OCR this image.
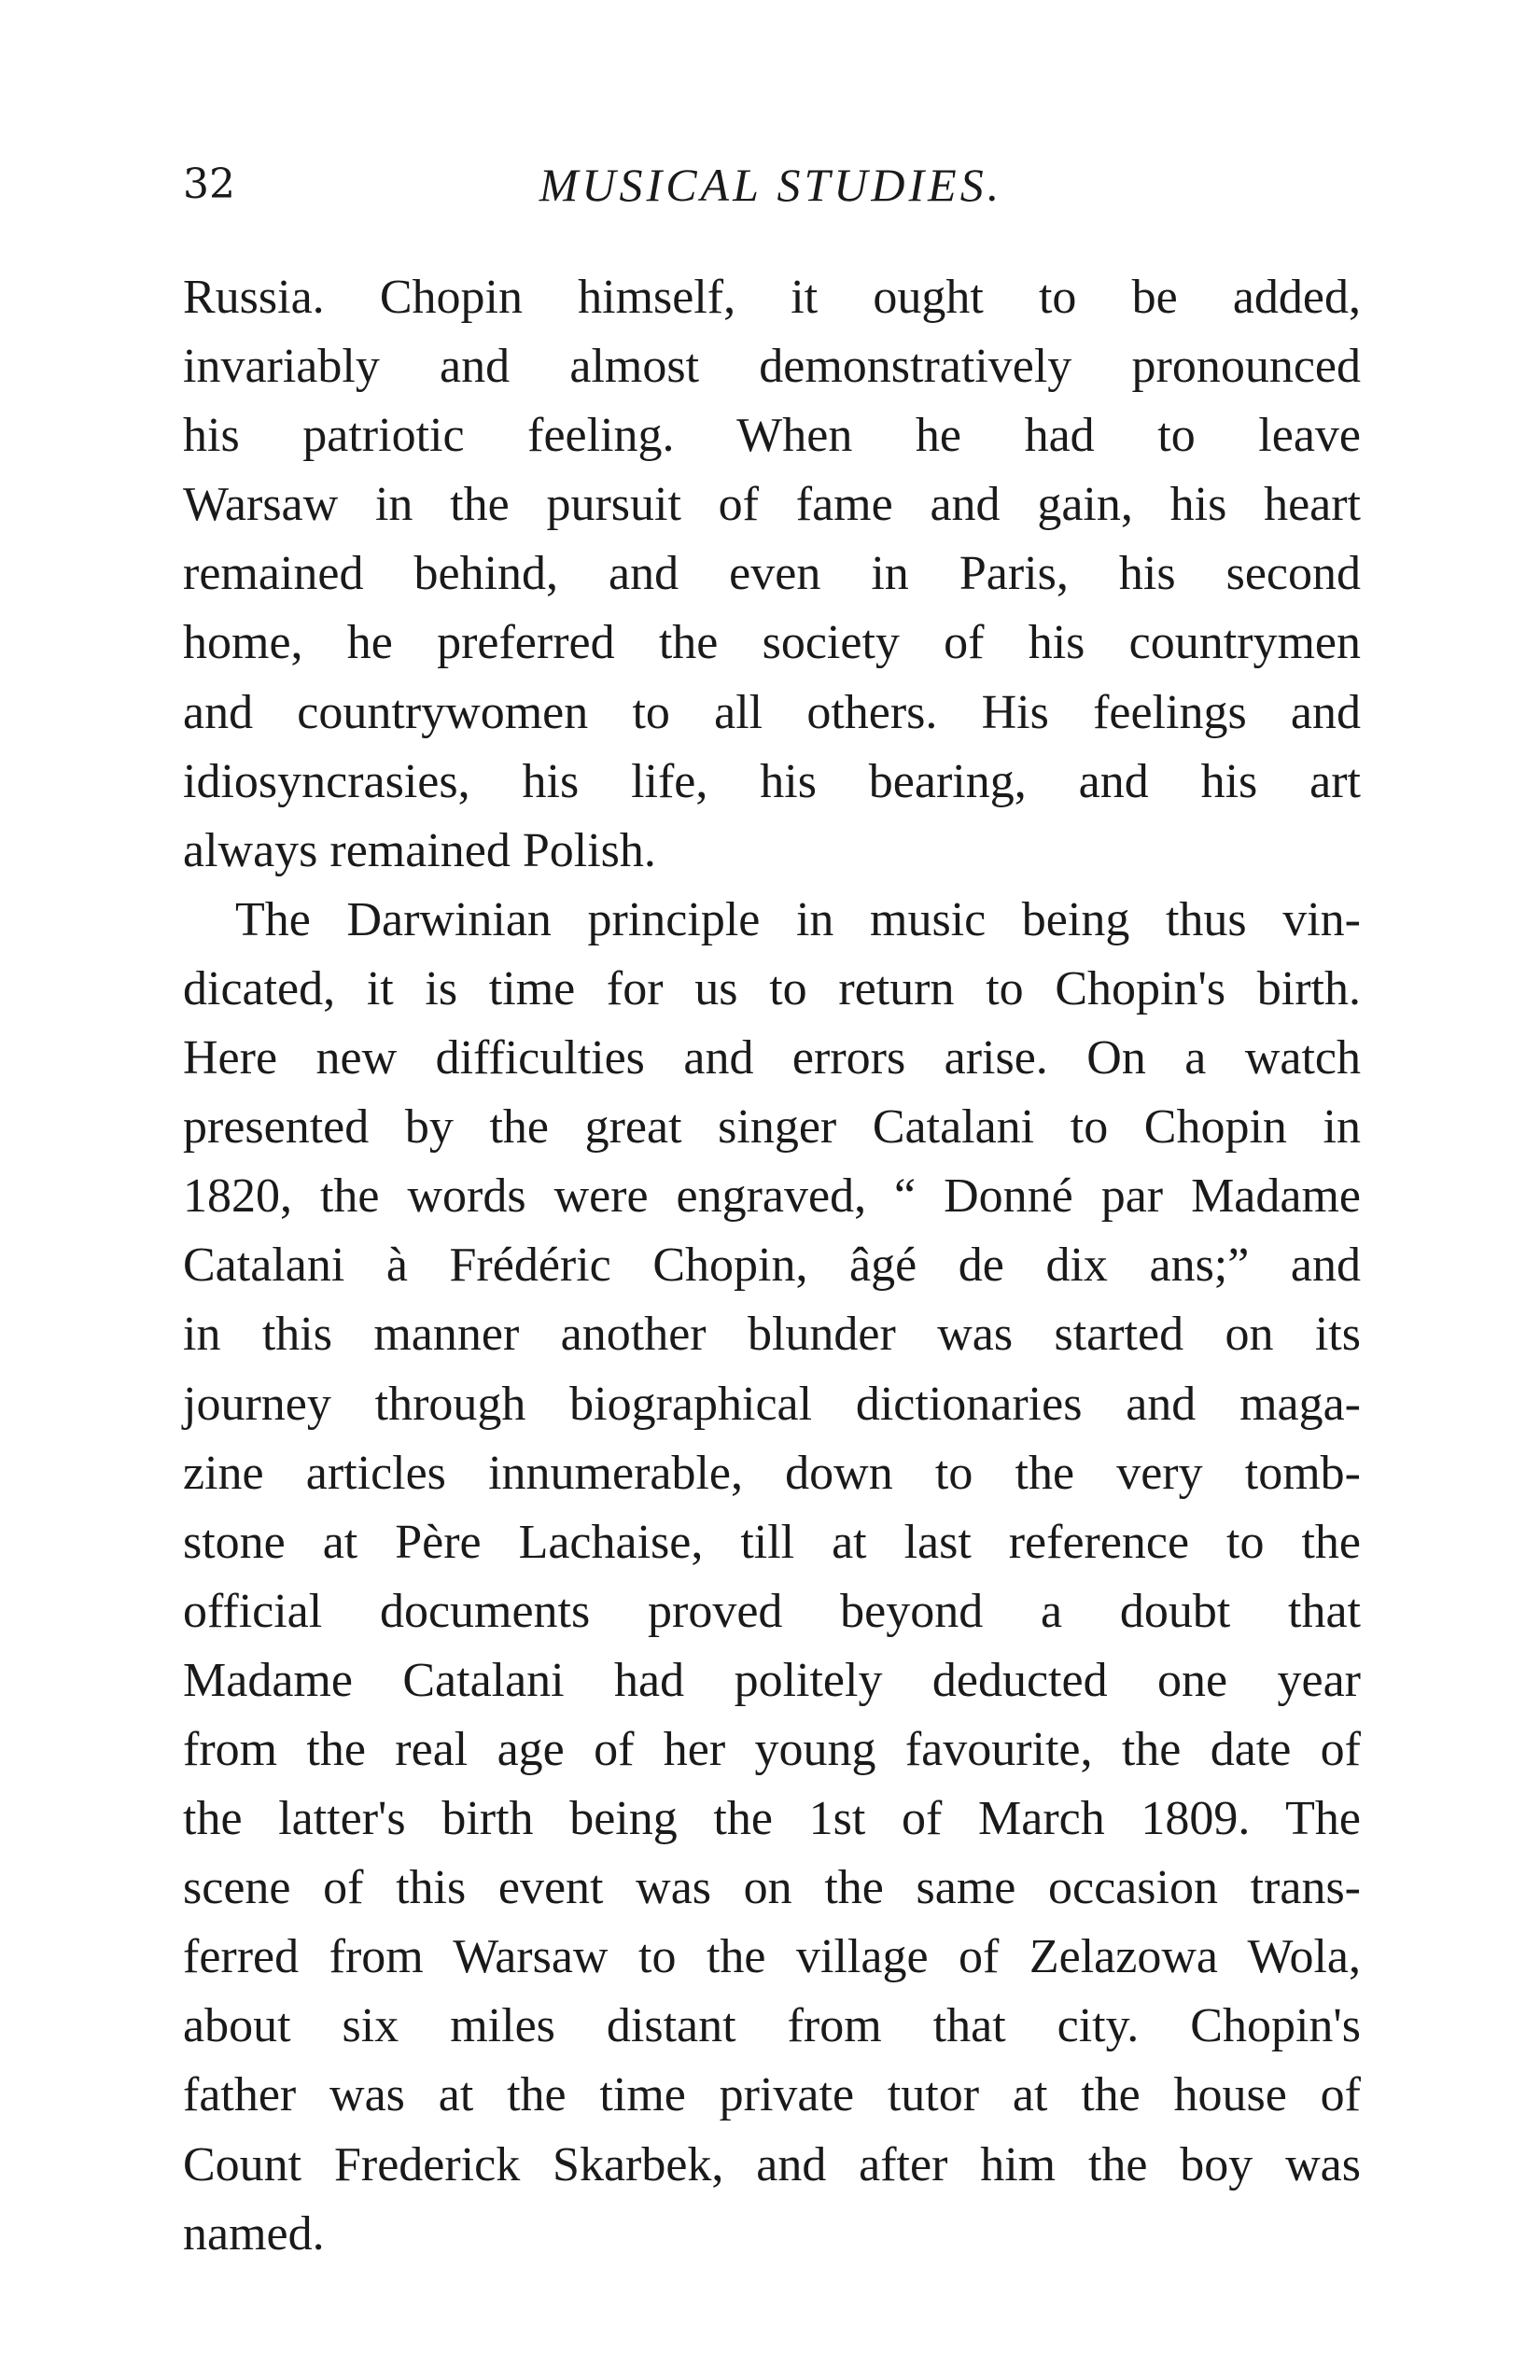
32	MUSICAL STUDIES.
Russia. Chopin himself, it ought to be added,
invariably and almost demonstratively pronounced
his patriotic feeling. When he had to leave
Warsaw in the pursuit of fame and gain, his heart
remained behind, and even in Paris, his second
home, he preferred the society of his countrymen
and countrywomen to all others. His feelings and
idiosyncrasies, his life, his bearing, and his art
always remained Polish.
The Darwinian principle in music being thus vin-
dicated, it is time for us to return to Chopin's birth.
Here new difficulties and errors arise. On a watch
presented by the great singer Catalani to Chopin in
1820, the words were engraved, “ Donné par Madame
Catalani à Frédéric Chopin, âgé de dix ans;” and
in this manner another blunder was started on its
journey through biographical dictionaries and maga-
zine articles innumerable, down to the very tomb-
stone at Père Lachaise, till at last reference to the
official documents proved beyond a doubt that
Madame Catalani had politely deducted one year
from the real age of her young favourite, the date of
the latter's birth being the 1st of March 1809. The
scene of this event was on the same occasion trans-
ferred from Warsaw to the village of Zelazowa Wola,
about six miles distant from that city. Chopin's
father was at the time private tutor at the house of
Count Frederick Skarbek, and after him the boy was
named.
